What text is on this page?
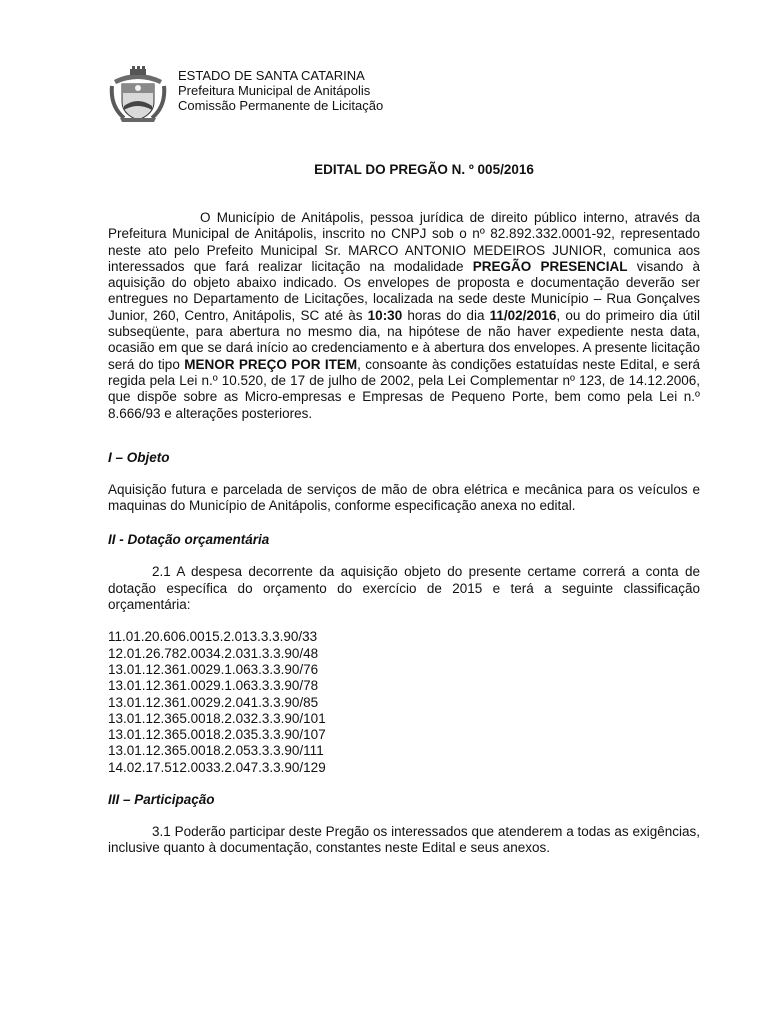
ESTADO DE SANTA CATARINA
Prefeitura Municipal de Anitápolis
Comissão Permanente de Licitação
EDITAL DO PREGÃO N. º 005/2016

O Município de Anitápolis, pessoa jurídica de direito público interno, através da Prefeitura Municipal de Anitápolis, inscrito no CNPJ sob o nº 82.892.332.0001-92, representado neste ato pelo Prefeito Municipal Sr. MARCO ANTONIO MEDEIROS JUNIOR, comunica aos interessados que fará realizar licitação na modalidade PREGÃO PRESENCIAL visando à aquisição do objeto abaixo indicado. Os envelopes de proposta e documentação deverão ser entregues no Departamento de Licitações, localizada na sede deste Município – Rua Gonçalves Junior, 260, Centro, Anitápolis, SC até às 10:30 horas do dia 11/02/2016, ou do primeiro dia útil subseqüente, para abertura no mesmo dia, na hipótese de não haver expediente nesta data, ocasião em que se dará início ao credenciamento e à abertura dos envelopes. A presente licitação será do tipo MENOR PREÇO POR ITEM, consoante às condições estatuídas neste Edital, e será regida pela Lei n.º 10.520, de 17 de julho de 2002, pela Lei Complementar nº 123, de 14.12.2006, que dispõe sobre as Micro-empresas e Empresas de Pequeno Porte, bem como pela Lei n.º 8.666/93 e alterações posteriores.

I – Objeto

Aquisição futura e parcelada de serviços de mão de obra elétrica e mecânica para os veículos e maquinas do Município de Anitápolis, conforme especificação anexa no edital.

II - Dotação orçamentária

2.1 A despesa decorrente da aquisição objeto do presente certame correrá a conta de dotação específica do orçamento do exercício de 2015 e terá a seguinte classificação orçamentária:

11.01.20.606.0015.2.013.3.3.90/33
12.01.26.782.0034.2.031.3.3.90/48
13.01.12.361.0029.1.063.3.3.90/76
13.01.12.361.0029.1.063.3.3.90/78
13.01.12.361.0029.2.041.3.3.90/85
13.01.12.365.0018.2.032.3.3.90/101
13.01.12.365.0018.2.035.3.3.90/107
13.01.12.365.0018.2.053.3.3.90/111
14.02.17.512.0033.2.047.3.3.90/129
III – Participação

3.1 Poderão participar deste Pregão os interessados que atenderem a todas as exigências, inclusive quanto à documentação, constantes neste Edital e seus anexos.
